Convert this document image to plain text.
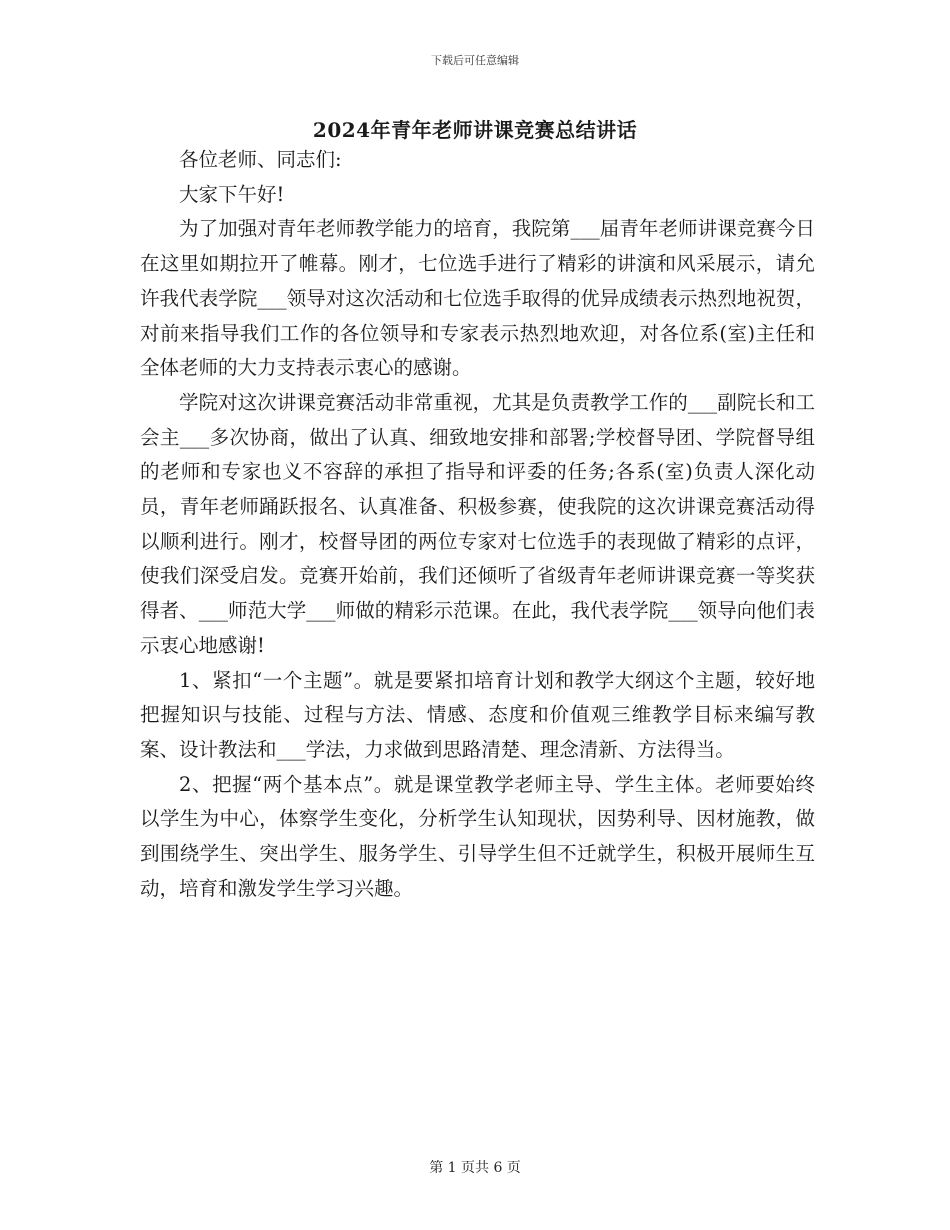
下载后可任意编辑
2024年青年老师讲课竞赛总结讲话

各位老师、同志们:

大家下午好!

为了加强对青年老师教学能力的培育，我院第___届青年老师讲课竞赛今日在这里如期拉开了帷幕。刚才，七位选手进行了精彩的讲演和风采展示，请允许我代表学院___领导对这次活动和七位选手取得的优异成绩表示热烈地祝贺，对前来指导我们工作的各位领导和专家表示热烈地欢迎，对各位系(室)主任和全体老师的大力支持表示衷心的感谢。

学院对这次讲课竞赛活动非常重视，尤其是负责教学工作的___副院长和工会主___多次协商，做出了认真、细致地安排和部署;学校督导团、学院督导组的老师和专家也义不容辞的承担了指导和评委的任务;各系(室)负责人深化动员，青年老师踊跃报名、认真准备、积极参赛，使我院的这次讲课竞赛活动得以顺利进行。刚才，校督导团的两位专家对七位选手的表现做了精彩的点评，使我们深受启发。竞赛开始前，我们还倾听了省级青年老师讲课竞赛一等奖获得者、___师范大学___师做的精彩示范课。在此，我代表学院___领导向他们表示衷心地感谢!

1、紧扣“一个主题”。就是要紧扣培育计划和教学大纲这个主题，较好地把握知识与技能、过程与方法、情感、态度和价值观三维教学目标来编写教案、设计教法和___学法，力求做到思路清楚、理念清新、方法得当。

2、把握“两个基本点”。就是课堂教学老师主导、学生主体。老师要始终以学生为中心，体察学生变化，分析学生认知现状，因势利导、因材施教，做到围绕学生、突出学生、服务学生、引导学生但不迁就学生，积极开展师生互动，培育和激发学生学习兴趣。

第 1 页共 6 页
